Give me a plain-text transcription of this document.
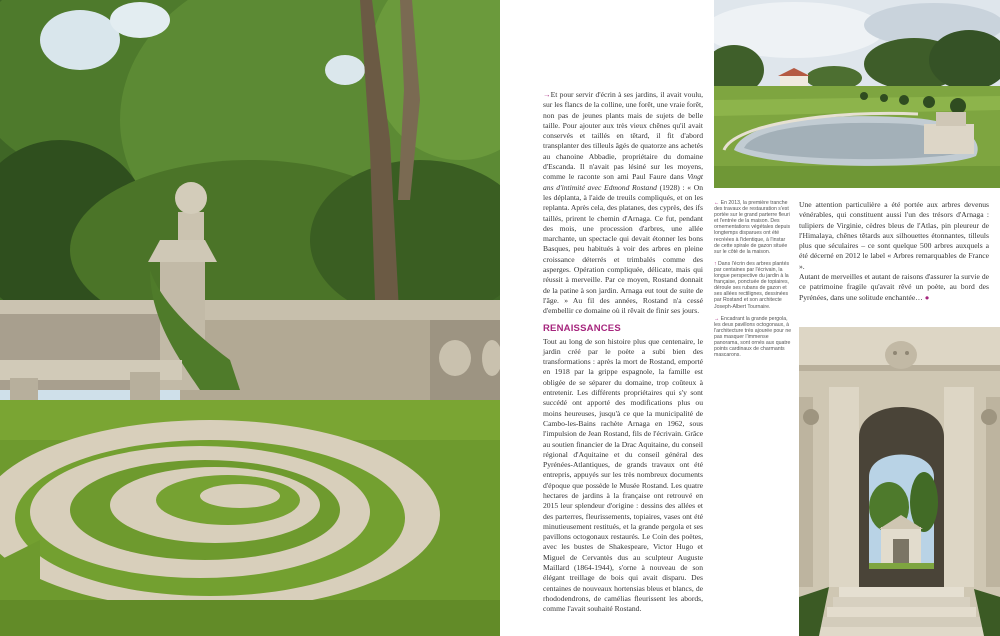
→Et pour servir d'écrin à ses jardins, il avait voulu, sur les flancs de la colline, une forêt, une vraie forêt, non pas de jeunes plants mais de sujets de belle taille. Pour ajouter aux très vieux chênes qu'il avait conservés et taillés en têtard, il fit d'abord transplanter des tilleuls âgés de quatorze ans achetés au chanoine Abbadie, propriétaire du domaine d'Escanda. Il n'avait pas lésiné sur les moyens, comme le raconte son ami Paul Faure dans Vingt ans d'intimité avec Edmond Rostand (1928) : « On les déplanta, à l'aide de treuils compliqués, et on les replanta. Après cela, des platanes, des cyprès, des ifs taillés, prirent le chemin d'Arnaga. Ce fut, pendant des mois, une procession d'arbres, une allée marchante, un spectacle qui devait étonner les bons Basques, peu habitués à voir des arbres en pleine croissance déterrés et trimbalés comme des asperges. Opération compliquée, délicate, mais qui réussit à merveille. Par ce moyen, Rostand donnait de la patine à son jardin. Arnaga eut tout de suite de l'âge. » Au fil des années, Rostand n'a cessé d'embellir ce domaine où il rêvait de finir ses jours.

RENAISSANCES

Tout au long de son histoire plus que centenaire, le jardin créé par le poète a subi bien des transformations : après la mort de Rostand, emporté en 1918 par la grippe espagnole, la famille est obligée de se séparer du domaine, trop coûteux à entretenir. Les différents propriétaires qui s'y sont succédé ont apporté des modifications plus ou moins heureuses, jusqu'à ce que la municipalité de Cambo-les-Bains rachète Arnaga en 1962, sous l'impulsion de Jean Rostand, fils de l'écrivain. Grâce au soutien financier de la Drac Aquitaine, du conseil régional d'Aquitaine et du conseil général des Pyrénées-Atlantiques, de grands travaux ont été entrepris, appuyés sur les très nombreux documents d'époque que possède le Musée Rostand. Les quatre hectares de jardins à la française ont retrouvé en 2015 leur splendeur d'origine : dessins des allées et des parterres, fleurissements, topiaires, vases ont été minutieusement restitués, et la grande pergola et ses pavillons octogonaux restaurés. Le Coin des poètes, avec les bustes de Shakespeare, Victor Hugo et Miguel de Cervantès dus au sculpteur Auguste Maillard (1864-1944), s'orne à nouveau de son élégant treillage de bois qui avait disparu. Des centaines de nouveaux hortensias bleus et blancs, de rhododendrons, de camélias fleurissent les abords, comme l'avait souhaité Rostand.

← En 2013, la première tranche des travaux de restauration s'est portée sur le grand parterre fleuri et l'entrée de la maison. Des ornementations végétales depuis longtemps disparues ont été recréées à l'identique, à l'instar de cette spirale de gazon située sur le côté de la maison.

↑ Dans l'écrin des arbres plantés par centaines par l'écrivain, la longue perspective du jardin à la française, ponctuée de topiaires, déroule ses rubans de gazon et ses allées rectilignes, dessinées par Rostand et son architecte Joseph-Albert Tournaire.

→ Encadrant la grande pergola, les deux pavillons octogonaux, à l'architecture très ajourée pour ne pas masquer l'immense panorama, sont ornés aux quatre points cardinaux de charmants mascarons.

Une attention particulière a été portée aux arbres devenus vénérables, qui constituent aussi l'un des trésors d'Arnaga : tulipiers de Virginie, cèdres bleus de l'Atlas, pin pleureur de l'Himalaya, chênes têtards aux silhouettes étonnantes, tilleuls plus que séculaires – ce sont quelque 500 arbres auxquels a été décerné en 2012 le label « Arbres remarquables de France ».

Autant de merveilles et autant de raisons d'assurer la survie de ce patrimoine fragile qu'avait rêvé un poète, au bord des Pyrénées, dans une solitude enchantée… ●
